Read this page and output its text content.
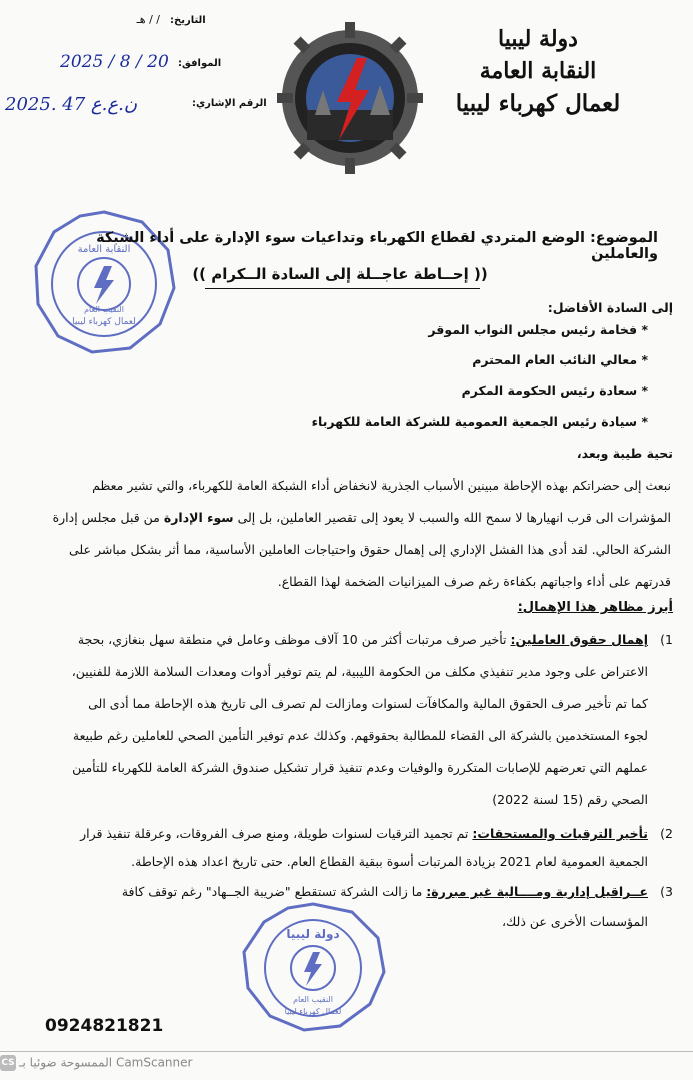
التاريخ:
/ / هـ
الموافق:
2025 / 8 / 20
الرقم الإشاري:
ن.ع.ع 47 .2025
دولة ليبيا
النقابة العامة
لعمال كهرباء ليبيا
النقابة العامة
لعمال كهرباء ليبيا
النقيب العام
الموضوع: الوضع المتردي لقطاع الكهرباء وتداعيات سوء الإدارة على أداء الشبكة والعاملين
(( إحــاطة عاجــلة إلى السادة الــكرام ))
إلى السادة الأفاضل:
* فخامة رئيس مجلس النواب الموقر
* معالي النائب العام المحترم
* سعادة رئيس الحكومة المكرم
* سيادة رئيس الجمعية العمومية للشركة العامة للكهرباء
تحية طيبة وبعد،
نبعث إلى حضراتكم بهذه الإحاطة مبينين الأسباب الجذرية لانخفاض أداء الشبكة العامة للكهرباء، والتي تشير معظم
المؤشرات الى قرب انهيارها لا سمح الله والسبب لا يعود إلى تقصير العاملين، بل إلى سوء الإدارة من قبل مجلس إدارة
الشركة الحالي. لقد أدى هذا الفشل الإداري إلى إهمال حقوق واحتياجات العاملين الأساسية، مما أثر بشكل مباشر على
قدرتهم على أداء واجباتهم بكفاءة رغم صرف الميزانيات الضخمة لهذا القطاع.
أبرز مظاهر هذا الإهمال:
1)
إهمال حقوق العاملين: تأخير صرف مرتبات أكثر من 10 آلاف موظف وعامل في منطقة سهل بنغازي، بحجة
الاعتراض على وجود مدير تنفيذي مكلف من الحكومة الليبية، لم يتم توفير أدوات ومعدات السلامة اللازمة للفنيين،
كما تم تأخير صرف الحقوق المالية والمكافآت لسنوات ومازالت لم تصرف الى تاريخ هذه الإحاطة مما أدى الى
لجوء المستخدمين بالشركة الى القضاء للمطالبة بحقوقهم. وكذلك عدم توفير التأمين الصحي للعاملين رغم طبيعة
عملهم التي تعرضهم للإصابات المتكررة والوفيات وعدم تنفيذ قرار تشكيل صندوق الشركة العامة للكهرباء للتأمين
الصحي رقم (15 لسنة 2022)
2)
تأخير الترقيات والمستحقات: تم تجميد الترقيات لسنوات طويلة، ومنع صرف الفروقات، وعرقلة تنفيذ قرار
الجمعية العمومية لعام 2021 بزيادة المرتبات أسوة ببقية القطاع العام. حتى تاريخ اعداد هذه الإحاطة.
3)
عــراقيل إدارية ومــــالية غير مبررة: ما زالت الشركة تستقطع "ضريبة الجــهاد" رغم توقف كافة
المؤسسات الأخرى عن ذلك،
دولة ليبيا
النقيب العام
لعمال كهرباء ليبيا
0924821821
CS الممسوحة ضوئيا بـ CamScanner
